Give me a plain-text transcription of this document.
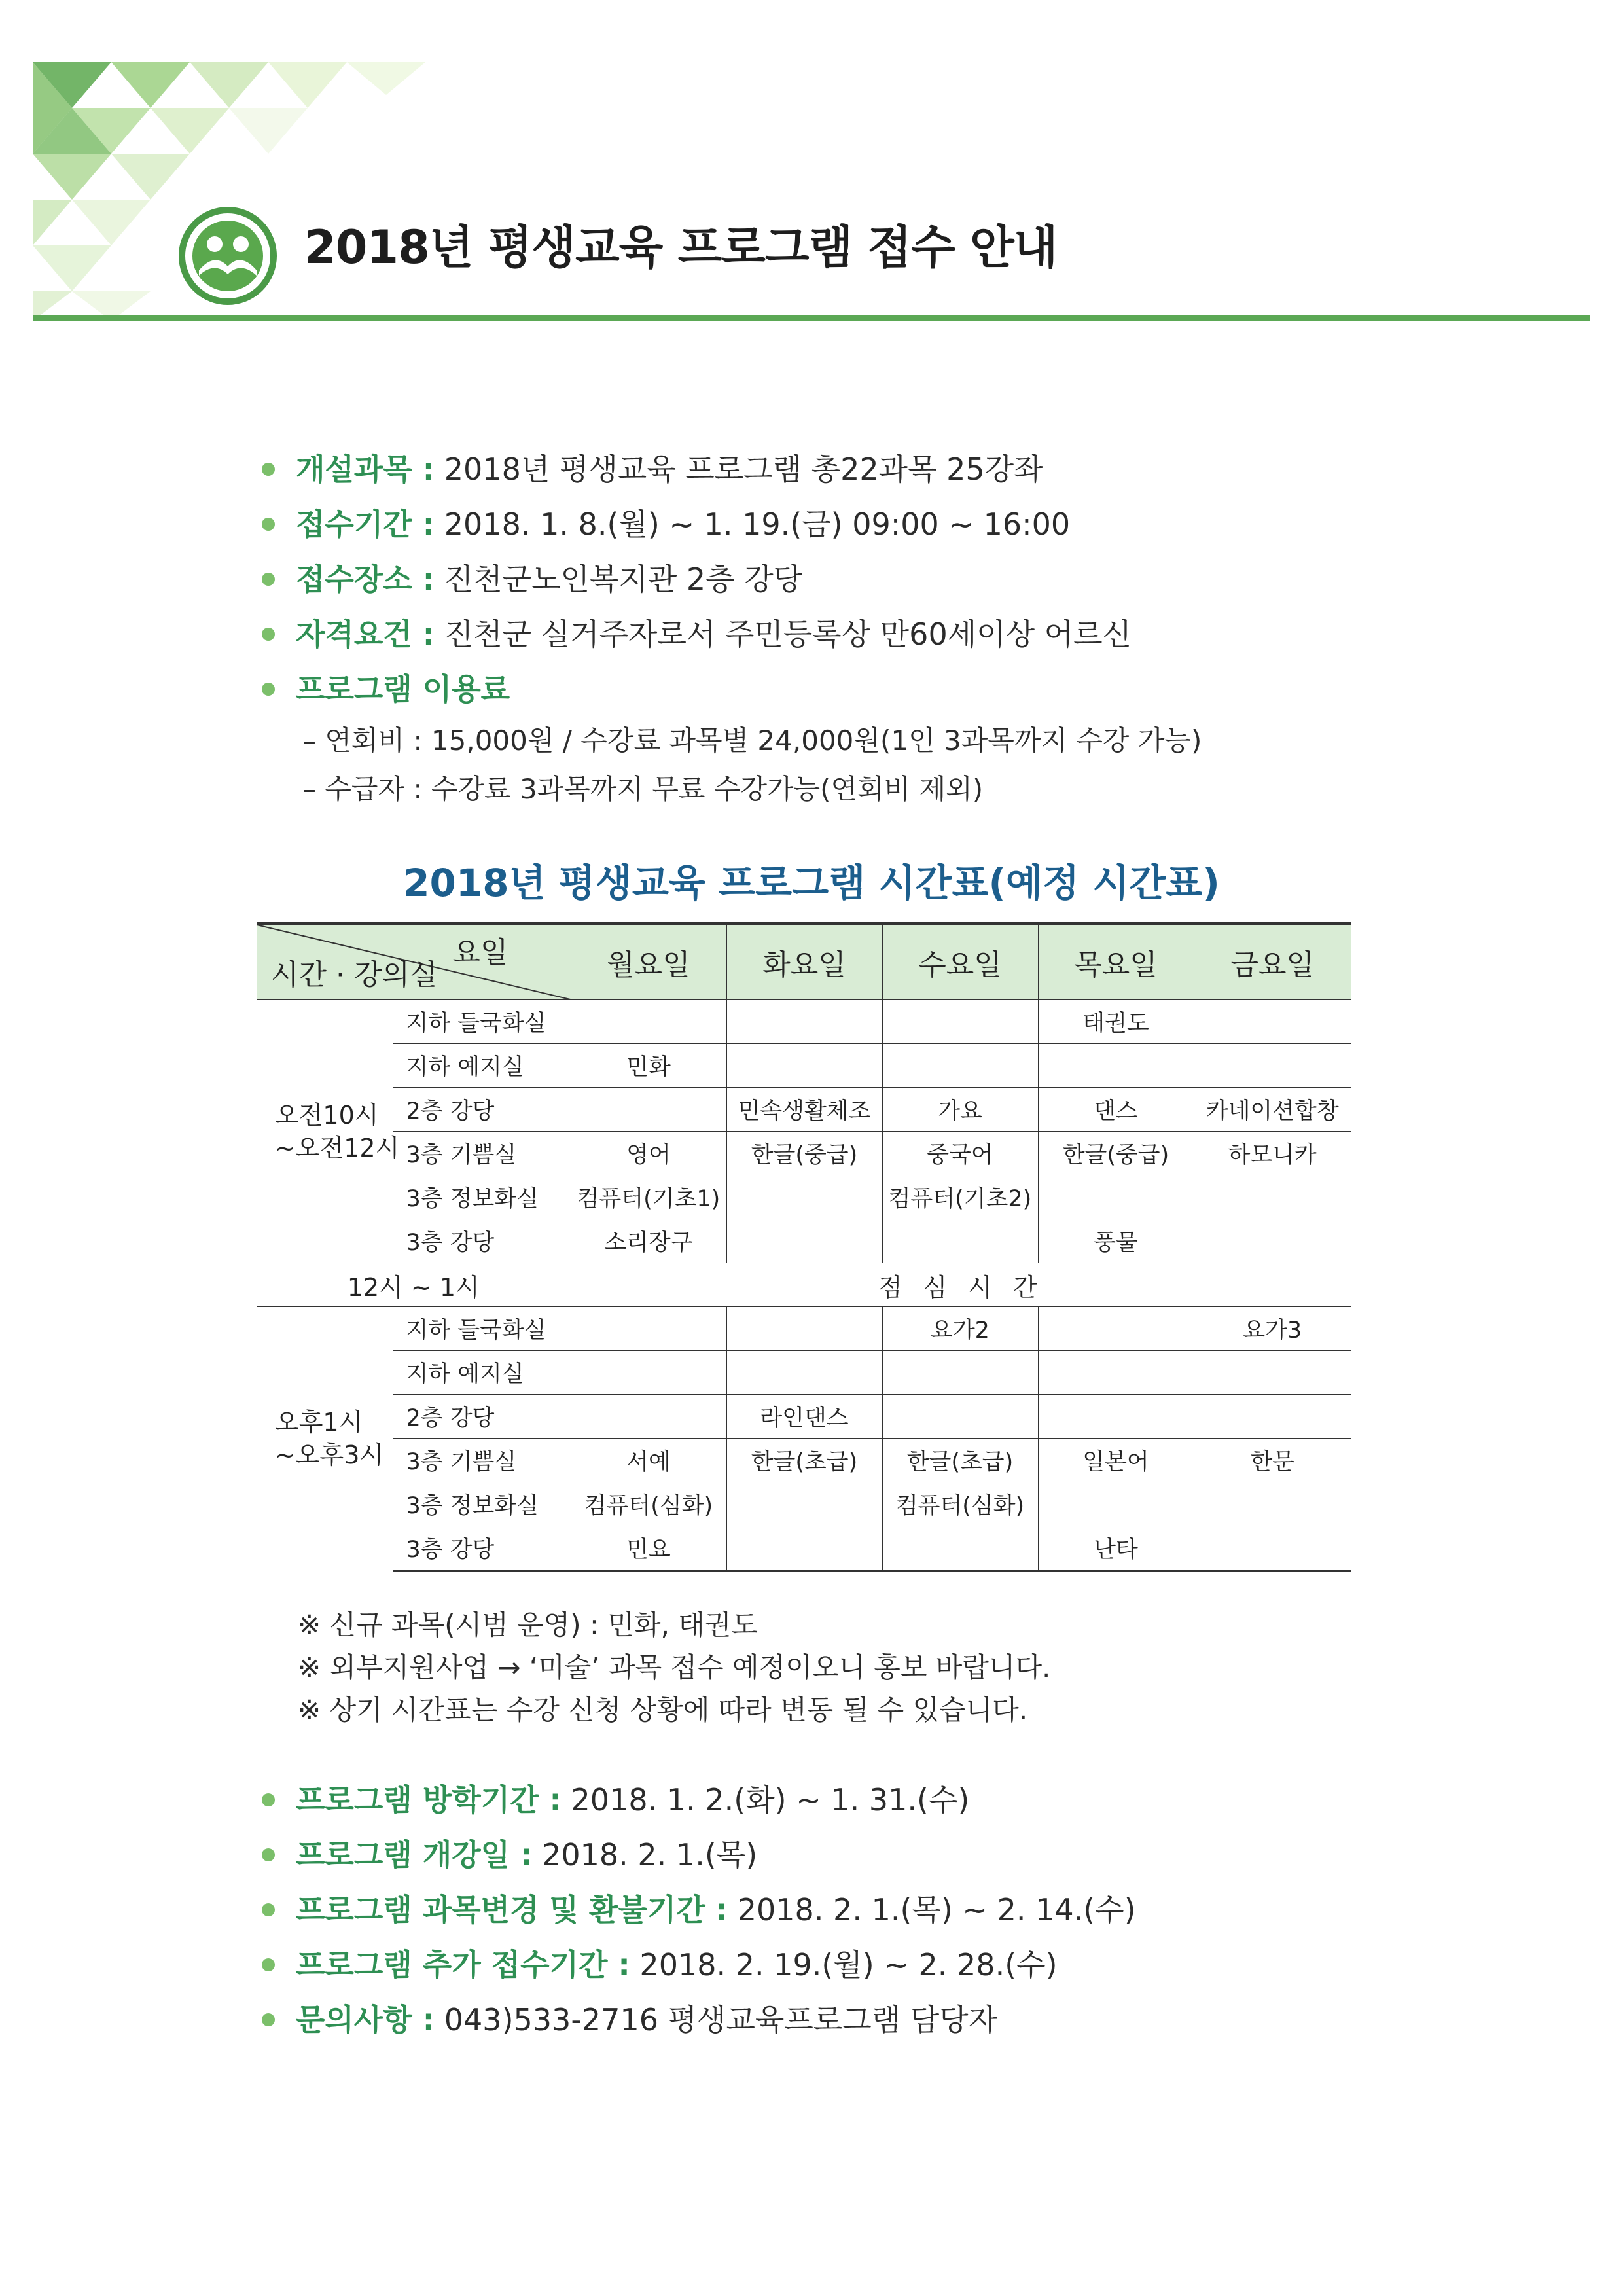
2018년 평생교육 프로그램 접수 안내
개설과목 : 2018년 평생교육 프로그램 총22과목 25강좌
접수기간 : 2018. 1. 8.(월) ~ 1. 19.(금) 09:00 ~ 16:00
접수장소 : 진천군노인복지관 2층 강당
자격요건 : 진천군 실거주자로서 주민등록상 만60세이상 어르신
프로그램 이용료
– 연회비 : 15,000원 / 수강료 과목별 24,000원(1인 3과목까지 수강 가능)
– 수급자 : 수강료 3과목까지 무료 수강가능(연회비 제외)
2018년 평생교육 프로그램 시간표(예정 시간표)
요일
시간 · 강의실		월요일	화요일	수요일	목요일	금요일
오전10시
~오전12시	지하 들국화실				태권도	
	지하 예지실	민화				
	2층 강당		민속생활체조	가요	댄스	카네이션합창
	3층 기쁨실	영어	한글(중급)	중국어	한글(중급)	하모니카
	3층 정보화실	컴퓨터(기초1)		컴퓨터(기초2)		
	3층 강당	소리장구			풍물	
12시 ~ 1시		점 심 시 간				
오후1시
~오후3시	지하 들국화실			요가2		요가3
	지하 예지실					
	2층 강당		라인댄스			
	3층 기쁨실	서예	한글(초급)	한글(초급)	일본어	한문
	3층 정보화실	컴퓨터(심화)		컴퓨터(심화)		
	3층 강당	민요			난타	
※ 신규 과목(시범 운영) : 민화, 태권도
※ 외부지원사업 → ‘미술’ 과목 접수 예정이오니 홍보 바랍니다.
※ 상기 시간표는 수강 신청 상황에 따라 변동 될 수 있습니다.
프로그램 방학기간 : 2018. 1. 2.(화) ~ 1. 31.(수)
프로그램 개강일 : 2018. 2. 1.(목)
프로그램 과목변경 및 환불기간 : 2018. 2. 1.(목) ~ 2. 14.(수)
프로그램 추가 접수기간 : 2018. 2. 19.(월) ~ 2. 28.(수)
문의사항 : 043)533-2716 평생교육프로그램 담당자
